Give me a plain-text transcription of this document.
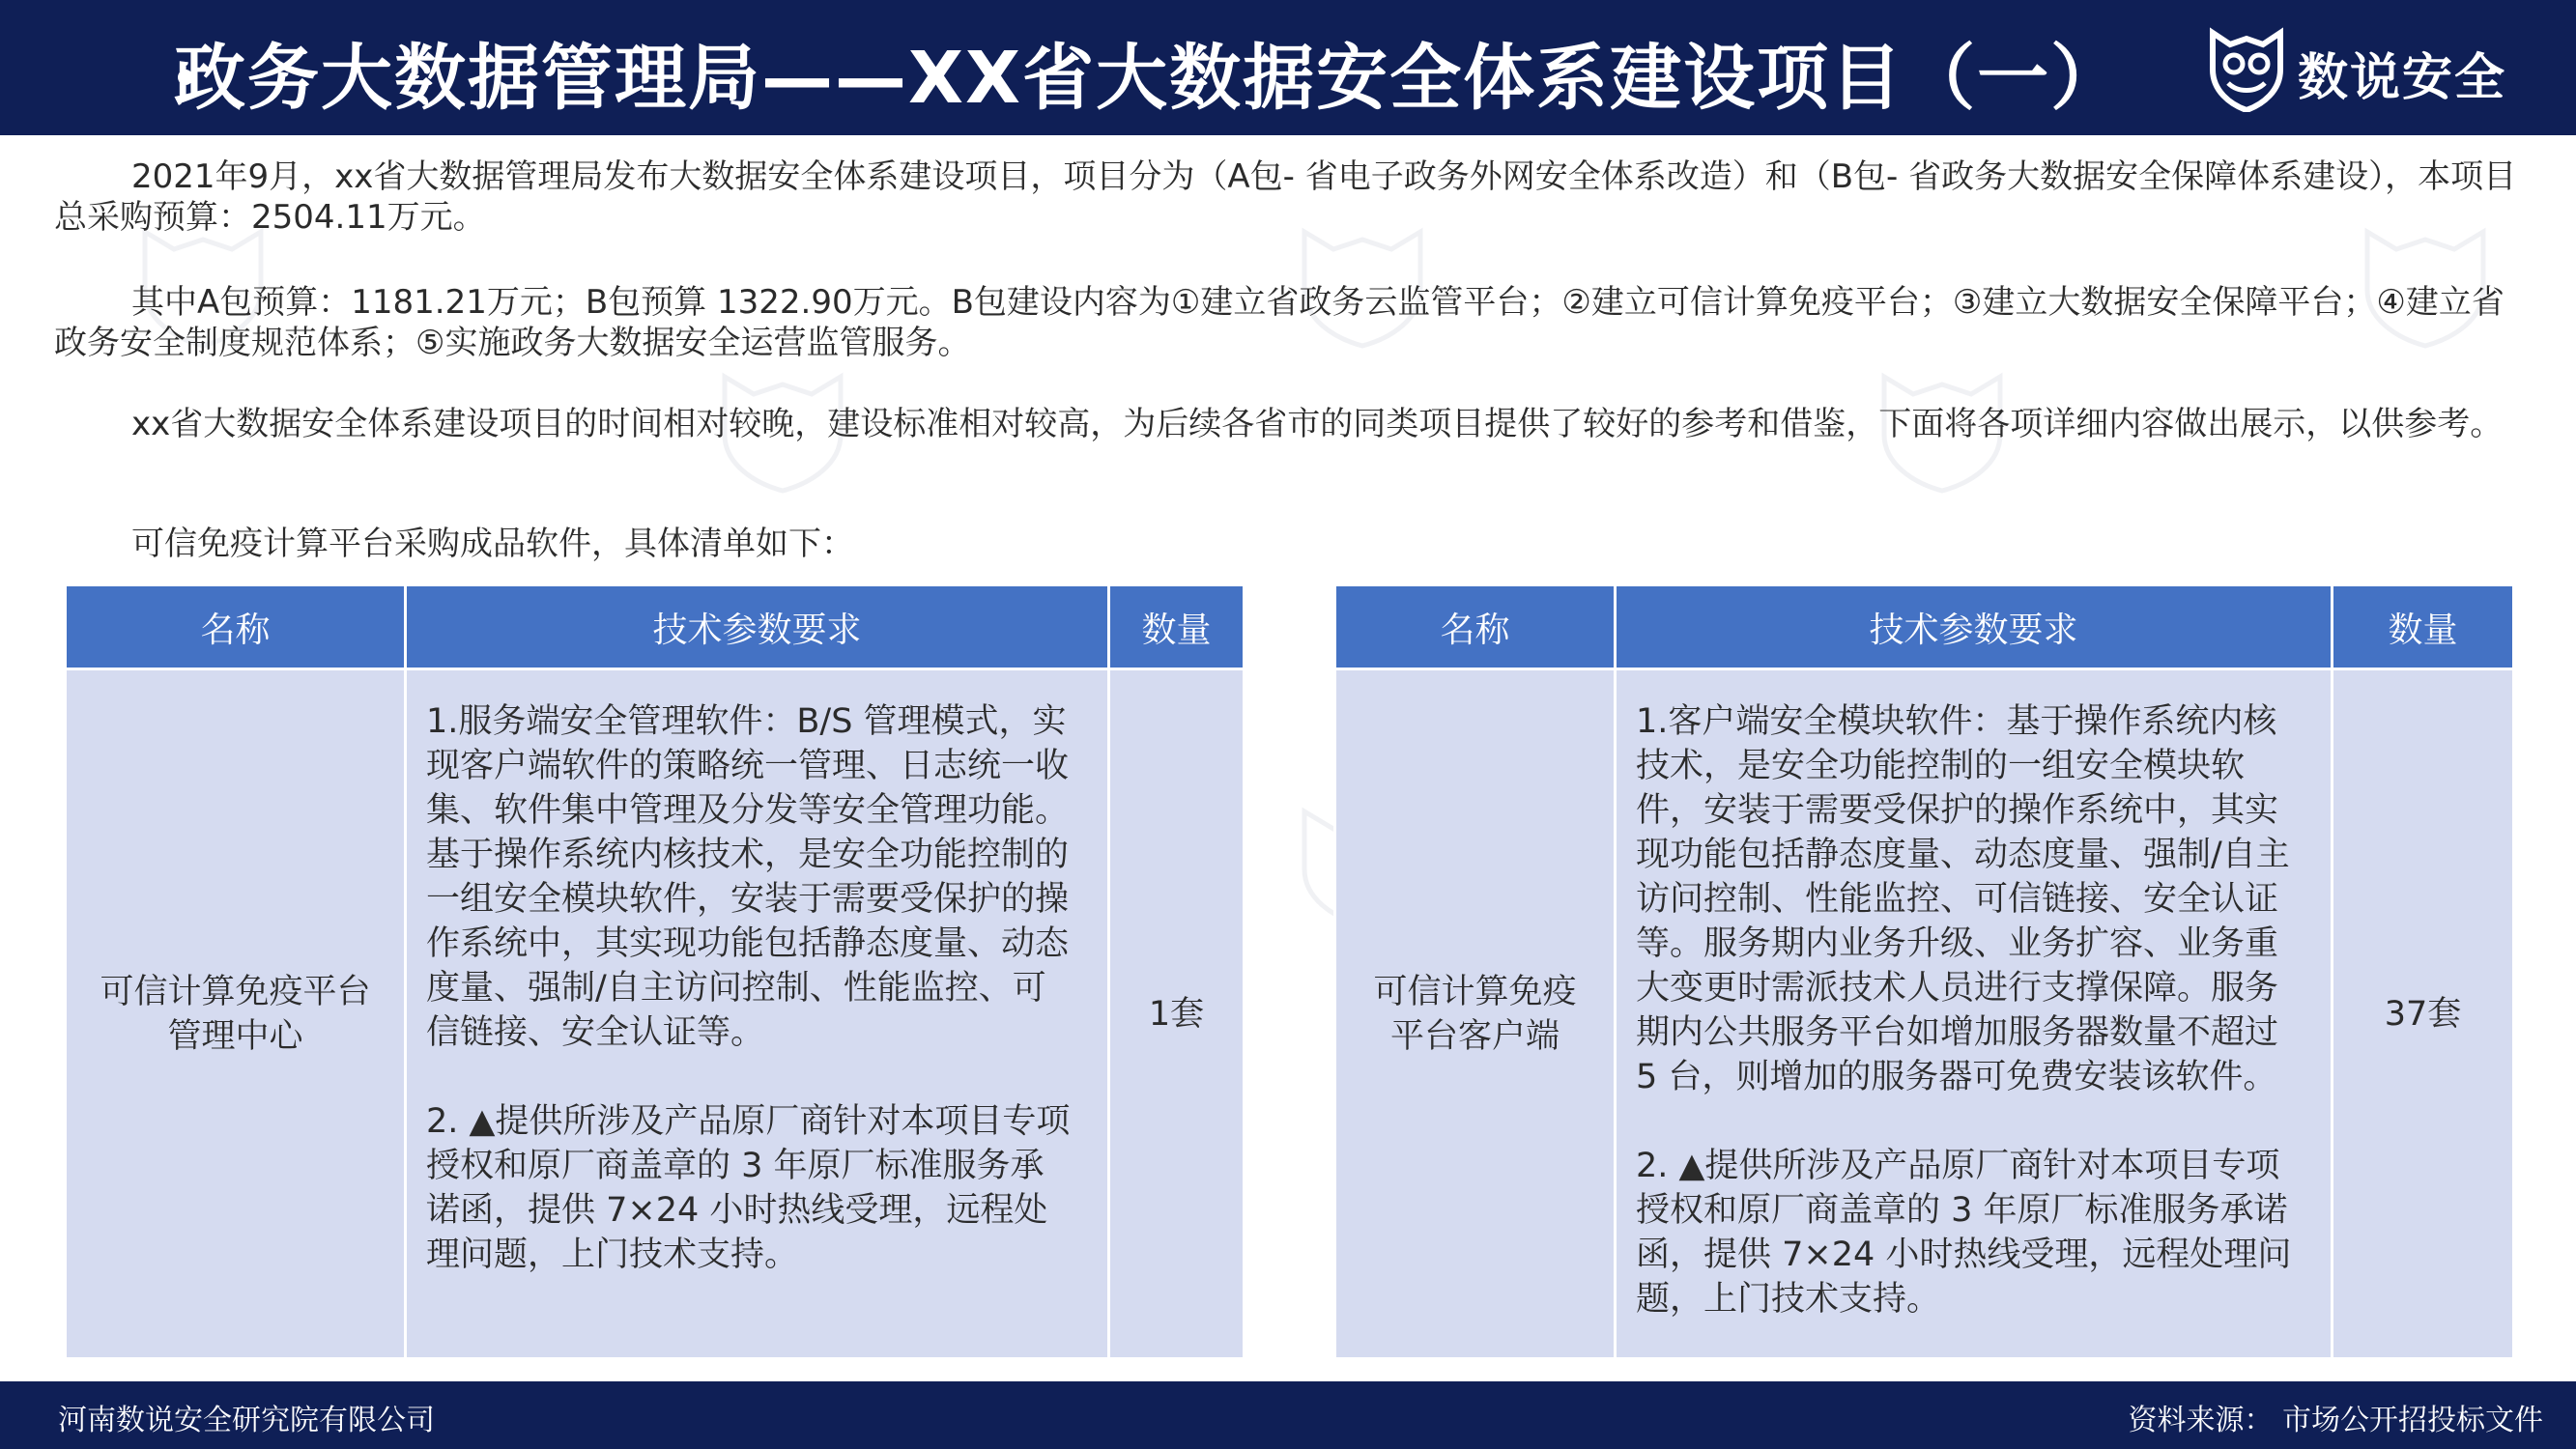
政务大数据管理局——XX省大数据安全体系建设项目（一）	数说安全

2021年9月，xx省大数据管理局发布大数据安全体系建设项目，项目分为（A包- 省电子政务外网安全体系改造）和（B包- 省政务大数据安全保障体系建设），本项目总采购预算：2504.11万元。

其中A包预算：1181.21万元；B包预算 1322.90万元。B包建设内容为①建立省政务云监管平台；②建立可信计算免疫平台；③建立大数据安全保障平台；④建立省政务安全制度规范体系；⑤实施政务大数据安全运营监管服务。

xx省大数据安全体系建设项目的时间相对较晚，建设标准相对较高，为后续各省市的同类项目提供了较好的参考和借鉴，下面将各项详细内容做出展示，以供参考。

可信免疫计算平台采购成品软件，具体清单如下：

名称	技术参数要求	数量
可信计算免疫平台管理中心	1.服务端安全管理软件：B/S 管理模式，实现客户端软件的策略统一管理、日志统一收集、软件集中管理及分发等安全管理功能。基于操作系统内核技术，是安全功能控制的一组安全模块软件，安装于需要受保护的操作系统中，其实现功能包括静态度量、动态度量、强制/自主访问控制、性能监控、可信链接、安全认证等。

2. ▲提供所涉及产品原厂商针对本项目专项授权和原厂商盖章的 3 年原厂标准服务承诺函，提供 7×24 小时热线受理，远程处理问题，上门技术支持。	1套
名称	技术参数要求	数量
可信计算免疫平台客户端	1.客户端安全模块软件：基于操作系统内核技术，是安全功能控制的一组安全模块软件，安装于需要受保护的操作系统中，其实现功能包括静态度量、动态度量、强制/自主访问控制、性能监控、可信链接、安全认证等。服务期内业务升级、业务扩容、业务重大变更时需派技术人员进行支撑保障。服务期内公共服务平台如增加服务器数量不超过 5 台，则增加的服务器可免费安装该软件。

2. ▲提供所涉及产品原厂商针对本项目专项授权和原厂商盖章的 3 年原厂标准服务承诺函，提供 7×24 小时热线受理，远程处理问题，上门技术支持。	37套
河南数说安全研究院有限公司	资料来源： 市场公开招投标文件
